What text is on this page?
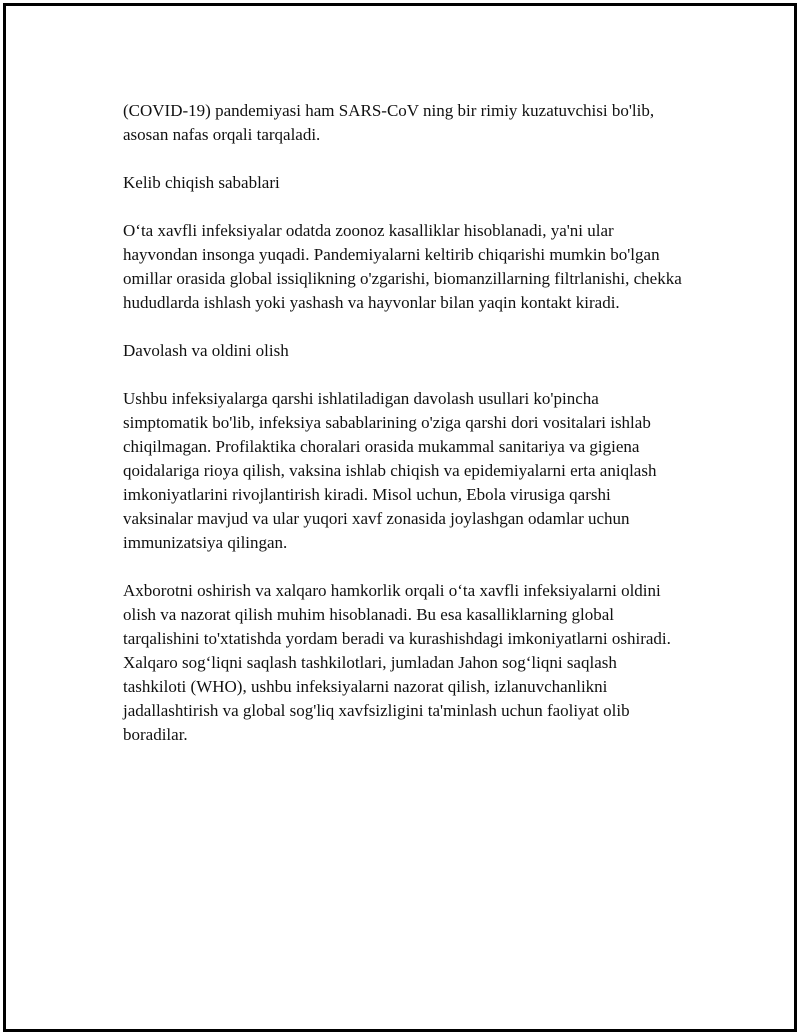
(COVID-19) pandemiyasi ham SARS-CoV ning bir rimiy kuzatuvchisi bo'lib, asosan nafas orqali tarqaladi.

Kelib chiqish sabablari

O‘ta xavfli infeksiyalar odatda zoonoz kasalliklar hisoblanadi, ya'ni ular hayvondan insonga yuqadi. Pandemiyalarni keltirib chiqarishi mumkin bo'lgan omillar orasida global issiqlikning o'zgarishi, biomanzillarning filtrlanishi, chekka hududlarda ishlash yoki yashash va hayvonlar bilan yaqin kontakt kiradi.

Davolash va oldini olish

Ushbu infeksiyalarga qarshi ishlatiladigan davolash usullari ko'pincha simptomatik bo'lib, infeksiya sabablarining o'ziga qarshi dori vositalari ishlab chiqilmagan. Profilaktika choralari orasida mukammal sanitariya va gigiena qoidalariga rioya qilish, vaksina ishlab chiqish va epidemiyalarni erta aniqlash imkoniyatlarini rivojlantirish kiradi. Misol uchun, Ebola virusiga qarshi vaksinalar mavjud va ular yuqori xavf zonasida joylashgan odamlar uchun immunizatsiya qilingan.

Axborotni oshirish va xalqaro hamkorlik orqali o‘ta xavfli infeksiyalarni oldini olish va nazorat qilish muhim hisoblanadi. Bu esa kasalliklarning global tarqalishini to'xtatishda yordam beradi va kurashishdagi imkoniyatlarni oshiradi. Xalqaro sog‘liqni saqlash tashkilotlari, jumladan Jahon sog‘liqni saqlash tashkiloti (WHO), ushbu infeksiyalarni nazorat qilish, izlanuvchanlikni jadallashtirish va global sog'liq xavfsizligini ta'minlash uchun faoliyat olib boradilar.
